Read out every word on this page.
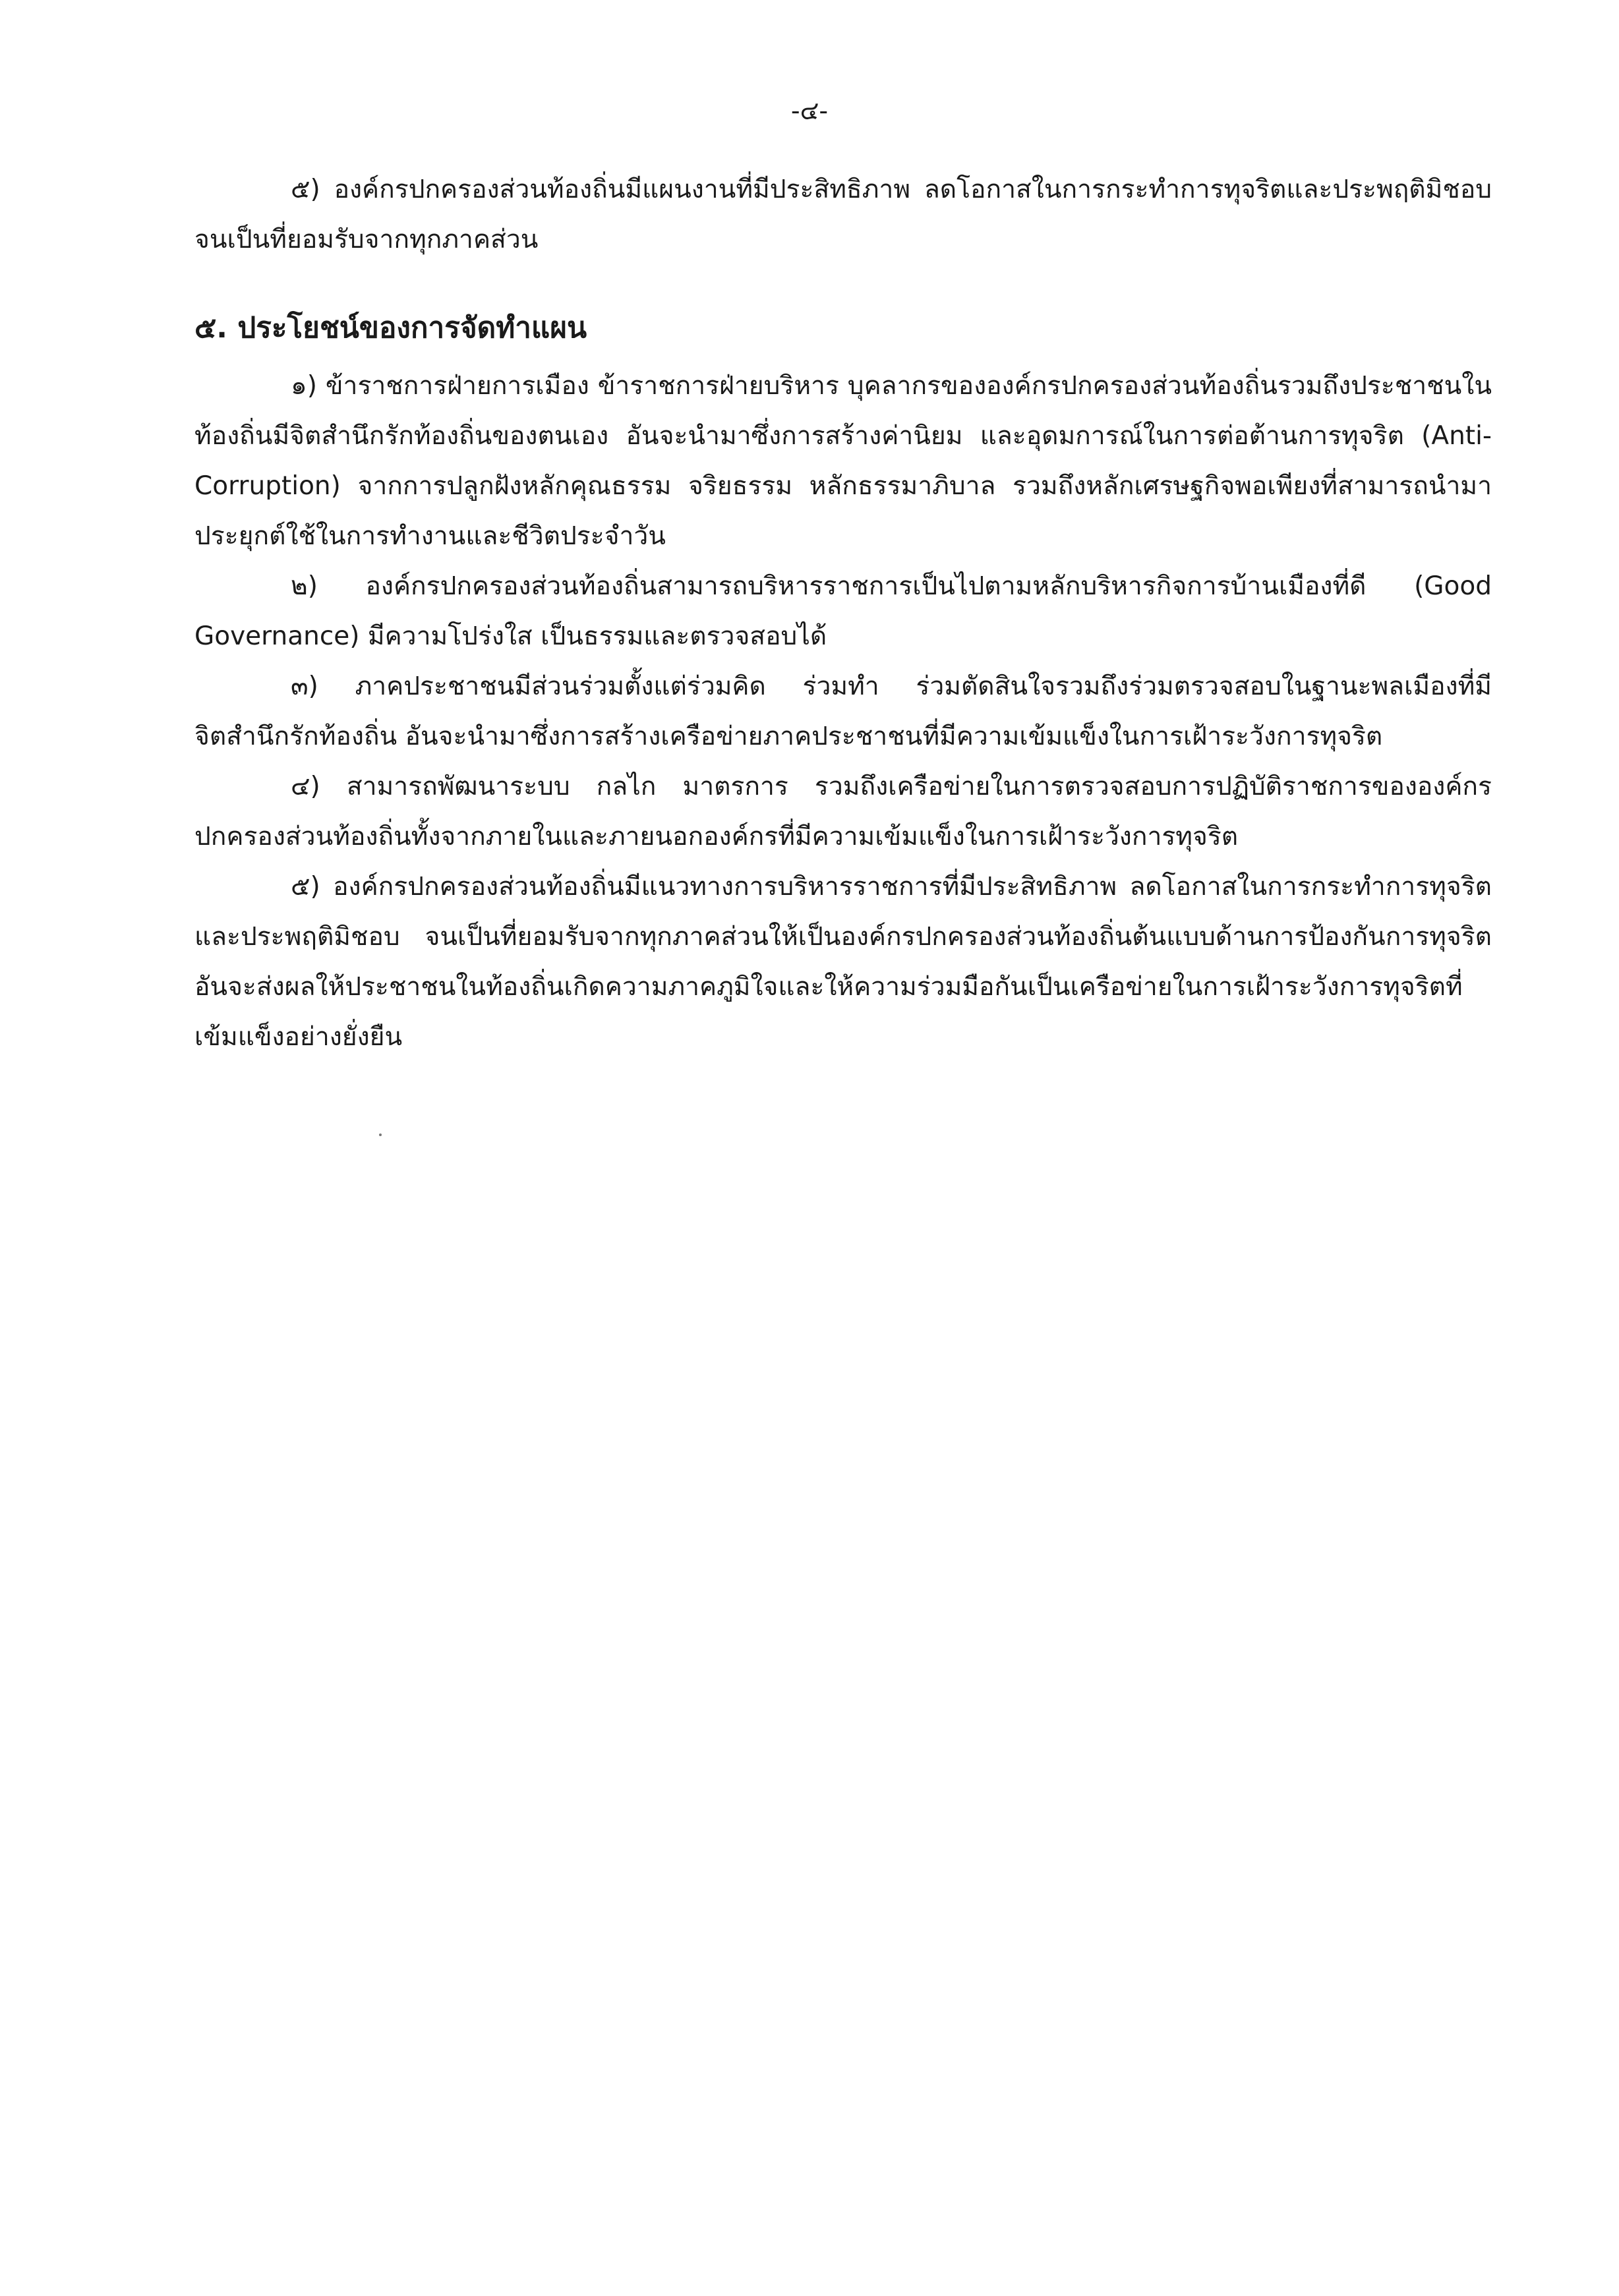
-๔-

๕) องค์กรปกครองส่วนท้องถิ่นมีแผนงานที่มีประสิทธิภาพ ลดโอกาสในการกระทำการทุจริตและประพฤติมิชอบจนเป็นที่ยอมรับจากทุกภาคส่วน

๕. ประโยชน์ของการจัดทำแผน

๑) ข้าราชการฝ่ายการเมือง ข้าราชการฝ่ายบริหาร บุคลากรขององค์กรปกครองส่วนท้องถิ่นรวมถึงประชาชนในท้องถิ่นมีจิตสำนึกรักท้องถิ่นของตนเอง อันจะนำมาซึ่งการสร้างค่านิยม และอุดมการณ์ในการต่อต้านการทุจริต (Anti-Corruption) จากการปลูกฝังหลักคุณธรรม จริยธรรม หลักธรรมาภิบาล รวมถึงหลักเศรษฐกิจพอเพียงที่สามารถนำมาประยุกต์ใช้ในการทำงานและชีวิตประจำวัน

๒) องค์กรปกครองส่วนท้องถิ่นสามารถบริหารราชการเป็นไปตามหลักบริหารกิจการบ้านเมืองที่ดี (Good Governance) มีความโปร่งใส เป็นธรรมและตรวจสอบได้

๓) ภาคประชาชนมีส่วนร่วมตั้งแต่ร่วมคิด ร่วมทำ ร่วมตัดสินใจรวมถึงร่วมตรวจสอบในฐานะพลเมืองที่มีจิตสำนึกรักท้องถิ่น อันจะนำมาซึ่งการสร้างเครือข่ายภาคประชาชนที่มีความเข้มแข็งในการเฝ้าระวังการทุจริต

๔) สามารถพัฒนาระบบ กลไก มาตรการ รวมถึงเครือข่ายในการตรวจสอบการปฏิบัติราชการขององค์กรปกครองส่วนท้องถิ่นทั้งจากภายในและภายนอกองค์กรที่มีความเข้มแข็งในการเฝ้าระวังการทุจริต

๕) องค์กรปกครองส่วนท้องถิ่นมีแนวทางการบริหารราชการที่มีประสิทธิภาพ ลดโอกาสในการกระทำการทุจริตและประพฤติมิชอบ จนเป็นที่ยอมรับจากทุกภาคส่วนให้เป็นองค์กรปกครองส่วนท้องถิ่นต้นแบบด้านการป้องกันการทุจริต อันจะส่งผลให้ประชาชนในท้องถิ่นเกิดความภาคภูมิใจและให้ความร่วมมือกันเป็นเครือข่ายในการเฝ้าระวังการทุจริตที่เข้มแข็งอย่างยั่งยืน
